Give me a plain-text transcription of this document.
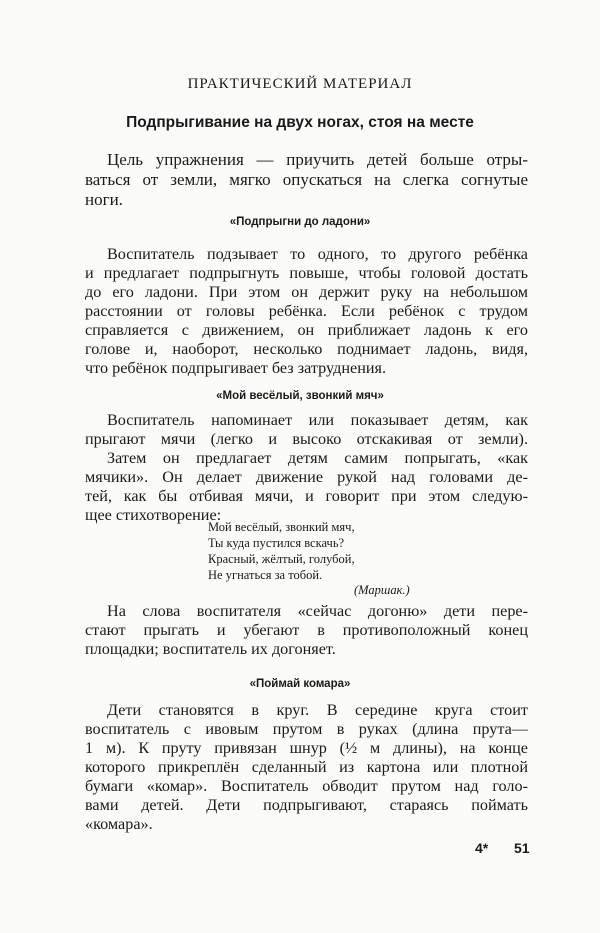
ПРАКТИЧЕСКИЙ МАТЕРИАЛ
Подпрыгивание на двух ногах, стоя на месте
Цель упражнения — приучить детей больше отры-
ваться от земли, мягко опускаться на слегка согнутые
ноги.
«Подпрыгни до ладони»
Воспитатель подзывает то одного, то другого ребёнка
и предлагает подпрыгнуть повыше, чтобы головой достать
до его ладони. При этом он держит руку на небольшом
расстоянии от головы ребёнка. Если ребёнок с трудом
справляется с движением, он приближает ладонь к его
голове и, наоборот, несколько поднимает ладонь, видя,
что ребёнок подпрыгивает без затруднения.
«Мой весёлый, звонкий мяч»
Воспитатель напоминает или показывает детям, как
прыгают мячи (легко и высоко отскакивая от земли).
Затем он предлагает детям самим попрыгать, «как
мячики». Он делает движение рукой над головами де-
тей, как бы отбивая мячи, и говорит при этом следую-
щее стихотворение:
Мой весёлый, звонкий мяч,
Ты куда пустился вскачь?
Красный, жёлтый, голубой,
Не угнаться за тобой.
(Маршак.)
На слова воспитателя «сейчас догоню» дети пере-
стают прыгать и убегают в противоположный конец
площадки; воспитатель их догоняет.
«Поймай комара»
Дети становятся в круг. В середине круга стоит
воспитатель с ивовым прутом в руках (длина прута—
1 м). К пруту привязан шнур (½ м длины), на конце
которого прикреплён сделанный из картона или плотной
бумаги «комар». Воспитатель обводит прутом над голо-
вами детей. Дети подпрыгивают, стараясь поймать
«комара».
4* 51
